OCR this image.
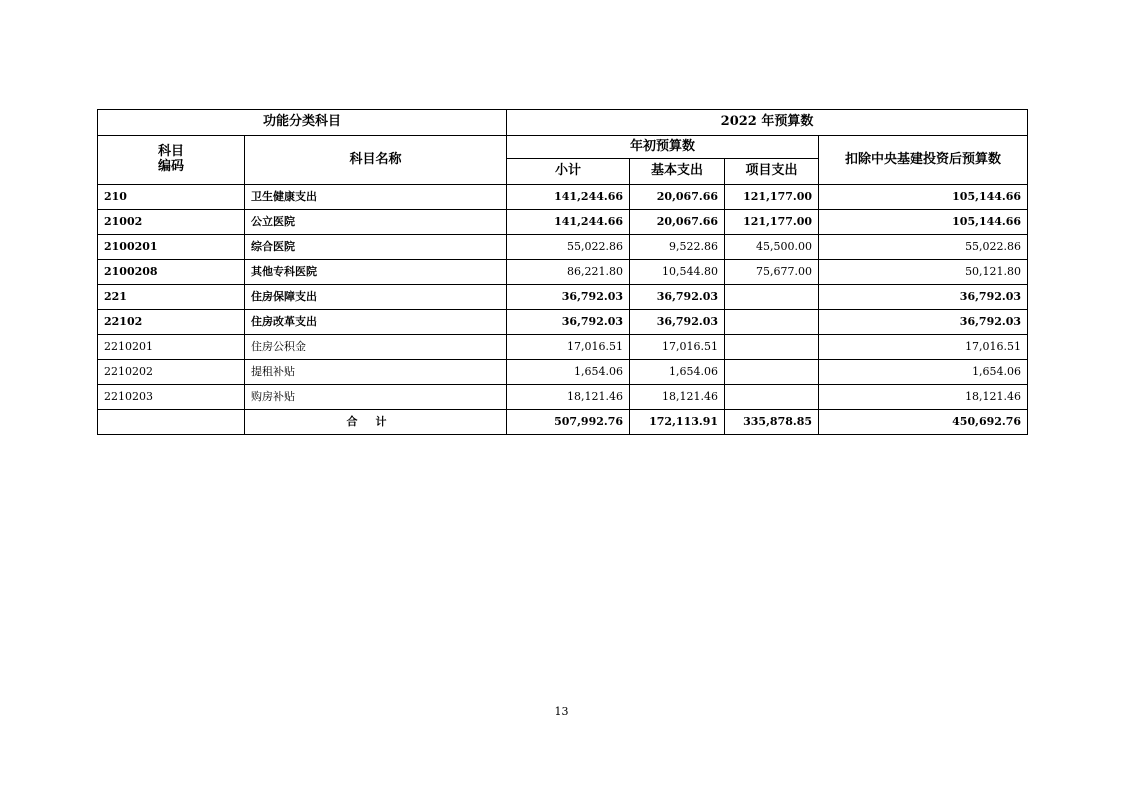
功能分类科目		2022 年预算数			
科目
编码	科目名称	年初预算数			扣除中央基建投资后预算数
		小计	基本支出	项目支出	
210	卫生健康支出	141,244.66	20,067.66	121,177.00	105,144.66
21002	公立医院	141,244.66	20,067.66	121,177.00	105,144.66
2100201	综合医院	55,022.86	9,522.86	45,500.00	55,022.86
2100208	其他专科医院	86,221.80	10,544.80	75,677.00	50,121.80
221	住房保障支出	36,792.03	36,792.03		36,792.03
22102	住房改革支出	36,792.03	36,792.03		36,792.03
2210201	住房公积金	17,016.51	17,016.51		17,016.51
2210202	提租补贴	1,654.06	1,654.06		1,654.06
2210203	购房补贴	18,121.46	18,121.46		18,121.46
	合计	507,992.76	172,113.91	335,878.85	450,692.76
13
